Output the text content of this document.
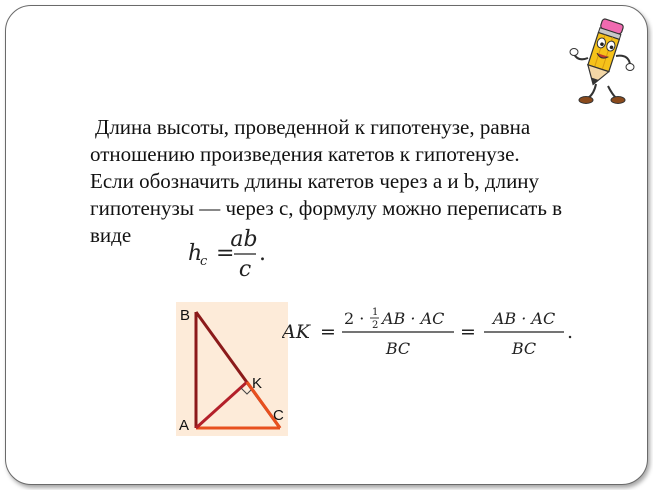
Длина высоты, проведенной к гипотенузе, равна
отношению произведения катетов к гипотенузе.
Если обозначить длины катетов через a и b, длину
гипотенузы — через c, формулу можно переписать в
виде
h
c =
ab
c
.
B
A
C
K
AK =
2 · 1
2 AB · AC
BC
=
AB · AC
BC
.
